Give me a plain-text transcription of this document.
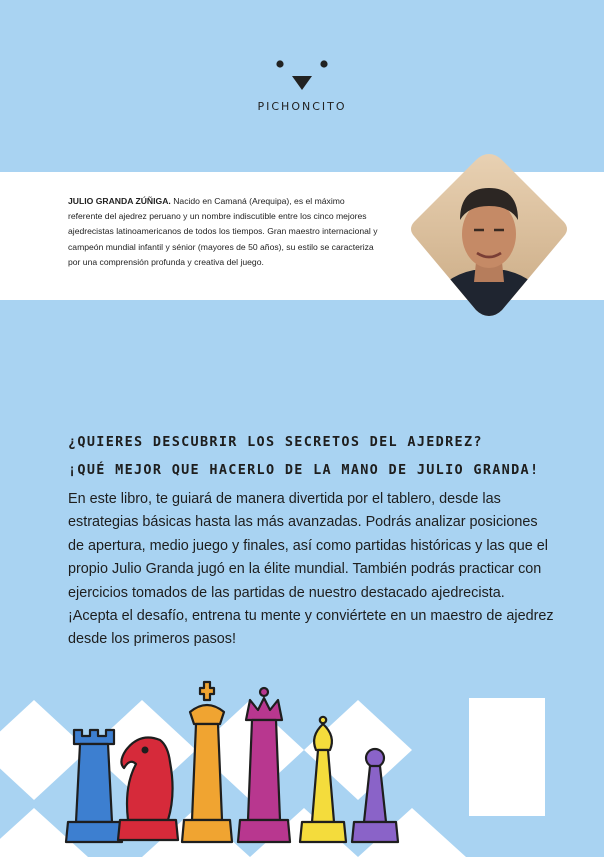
PICHONCITO
JULIO GRANDA ZÚÑIGA. Nacido en Camaná (Arequipa), es el máximo referente del ajedrez peruano y un nombre indiscutible entre los cinco mejores ajedrecistas latinoamericanos de todos los tiempos. Gran maestro internacional y campeón mundial infantil y sénior (mayores de 50 años), su estilo se caracteriza por una comprensión profunda y creativa del juego.
¿QUIERES DESCUBRIR LOS SECRETOS DEL AJEDREZ?
¡QUÉ MEJOR QUE HACERLO DE LA MANO DE JULIO GRANDA!
En este libro, te guiará de manera divertida por el tablero, desde las estrategias básicas hasta las más avanzadas. Podrás analizar posiciones de apertura, medio juego y finales, así como partidas históricas y las que el propio Julio Granda jugó en la élite mundial. También podrás practicar con ejercicios tomados de las partidas de nuestro destacado ajedrecista. ¡Acepta el desafío, entrena tu mente y conviértete en un maestro de ajedrez desde los primeros pasos!
